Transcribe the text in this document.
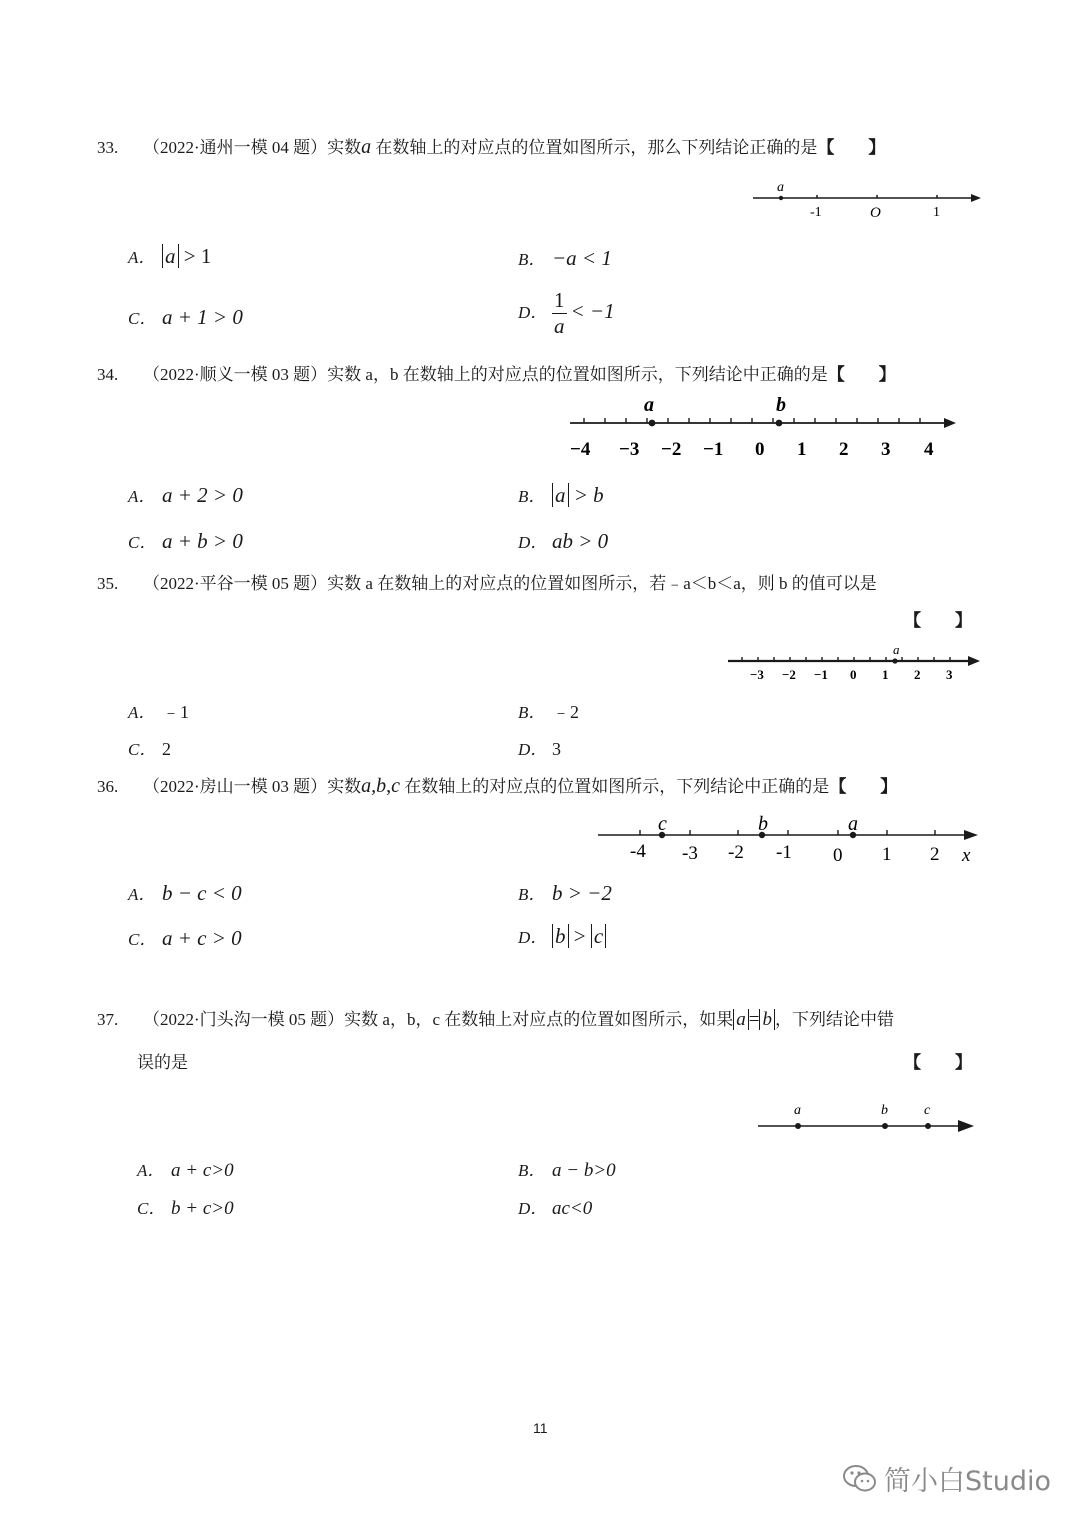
33. （2022·通州一模 04 题）实数a 在数轴上的对应点的位置如图所示，那么下列结论正确的是【　　】
a
-1	O	1
A． a > 1	B． −a < 1
C． a + 1 > 0	D． $\frac{1}{a} < -1$
34. （2022·顺义一模 03 题）实数 a，b 在数轴上的对应点的位置如图所示，下列结论中正确的是【　　】
a	b
−4 −3 −2 −1 0 1 2 3 4
A． a + 2 > 0	B． a > b
C． a + b > 0	D． ab > 0
35. （2022·平谷一模 05 题）实数 a 在数轴上的对应点的位置如图所示，若﹣a＜b＜a，则 b 的值可以是
【　　】
a
−3 −2 −1 0 1 2 3
A． ﹣1	B． ﹣2
C． 2	D． 3
36. （2022·房山一模 03 题）实数a,b,c 在数轴上的对应点的位置如图所示，下列结论中正确的是【　　】
c	b	a
-4 -3 -2 -1 0 1 2 x
A． b − c < 0	B． b > −2
C． a + c > 0	D． b > c
37. （2022·门头沟一模 05 题）实数 a，b，c 在数轴上对应点的位置如图所示，如果 a = b ，下列结论中错
误的是	【　　】
a	b	c
A． a + c>0	B． a − b>0
C． b + c>0	D． ac<0
11
简小白Studio
